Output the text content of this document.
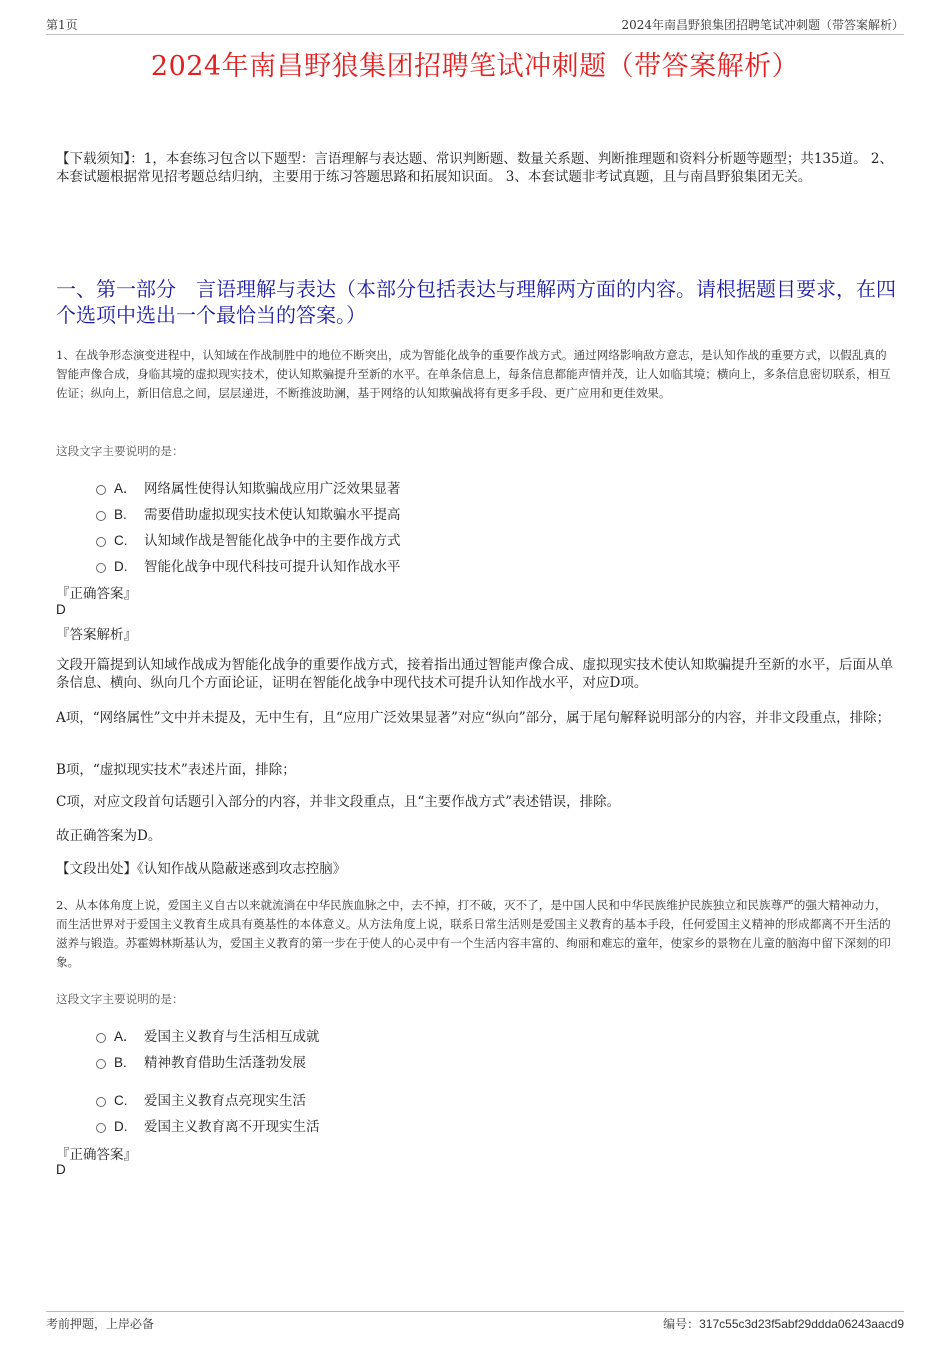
第1页	2024年南昌野狼集团招聘笔试冲刺题（带答案解析）
2024年南昌野狼集团招聘笔试冲刺题（带答案解析）
【下载须知】：1，本套练习包含以下题型：言语理解与表达题、常识判断题、数量关系题、判断推理题和资料分析题等题型；共135道。 2、本套试题根据常见招考题总结归纳，主要用于练习答题思路和拓展知识面。 3、本套试题非考试真题，且与南昌野狼集团无关。
一、第一部分　言语理解与表达（本部分包括表达与理解两方面的内容。请根据题目要求，在四个选项中选出一个最恰当的答案。）
1、在战争形态演变进程中，认知域在作战制胜中的地位不断突出，成为智能化战争的重要作战方式。通过网络影响敌方意志，是认知作战的重要方式，以假乱真的智能声像合成，身临其境的虚拟现实技术，使认知欺骗提升至新的水平。在单条信息上，每条信息都能声情并茂，让人如临其境；横向上，多条信息密切联系，相互佐证；纵向上，新旧信息之间，层层递进，不断推波助澜，基于网络的认知欺骗战将有更多手段、更广应用和更佳效果。
这段文字主要说明的是：
A． 网络属性使得认知欺骗战应用广泛效果显著
B. 需要借助虚拟现实技术使认知欺骗水平提高
C. 认知域作战是智能化战争中的主要作战方式
D. 智能化战争中现代科技可提升认知作战水平
『正确答案』
D
『答案解析』
文段开篇提到认知域作战成为智能化战争的重要作战方式，接着指出通过智能声像合成、虚拟现实技术使认知欺骗提升至新的水平，后面从单条信息、横向、纵向几个方面论证，证明在智能化战争中现代技术可提升认知作战水平，对应D项。
A项，“网络属性”文中并未提及，无中生有，且“应用广泛效果显著”对应“纵向”部分，属于尾句解释说明部分的内容，并非文段重点，排除；
B项，“虚拟现实技术”表述片面，排除；
C项，对应文段首句话题引入部分的内容，并非文段重点，且“主要作战方式”表述错误，排除。
故正确答案为D。
【文段出处】《认知作战从隐蔽迷惑到攻志控脑》
2、从本体角度上说，爱国主义自古以来就流淌在中华民族血脉之中，去不掉，打不破，灭不了，是中国人民和中华民族维护民族独立和民族尊严的强大精神动力，而生活世界对于爱国主义教育生成具有奠基性的本体意义。从方法角度上说，联系日常生活则是爱国主义教育的基本手段，任何爱国主义精神的形成都离不开生活的滋养与锻造。苏霍姆林斯基认为，爱国主义教育的第一步在于使人的心灵中有一个生活内容丰富的、绚丽和难忘的童年，使家乡的景物在儿童的脑海中留下深刻的印象。
这段文字主要说明的是：
A． 爱国主义教育与生活相互成就
B. 精神教育借助生活蓬勃发展
C. 爱国主义教育点亮现实生活
D. 爱国主义教育离不开现实生活
『正确答案』
D
考前押题，上岸必备	编号：317c55c3d23f5abf29ddda06243aacd9
